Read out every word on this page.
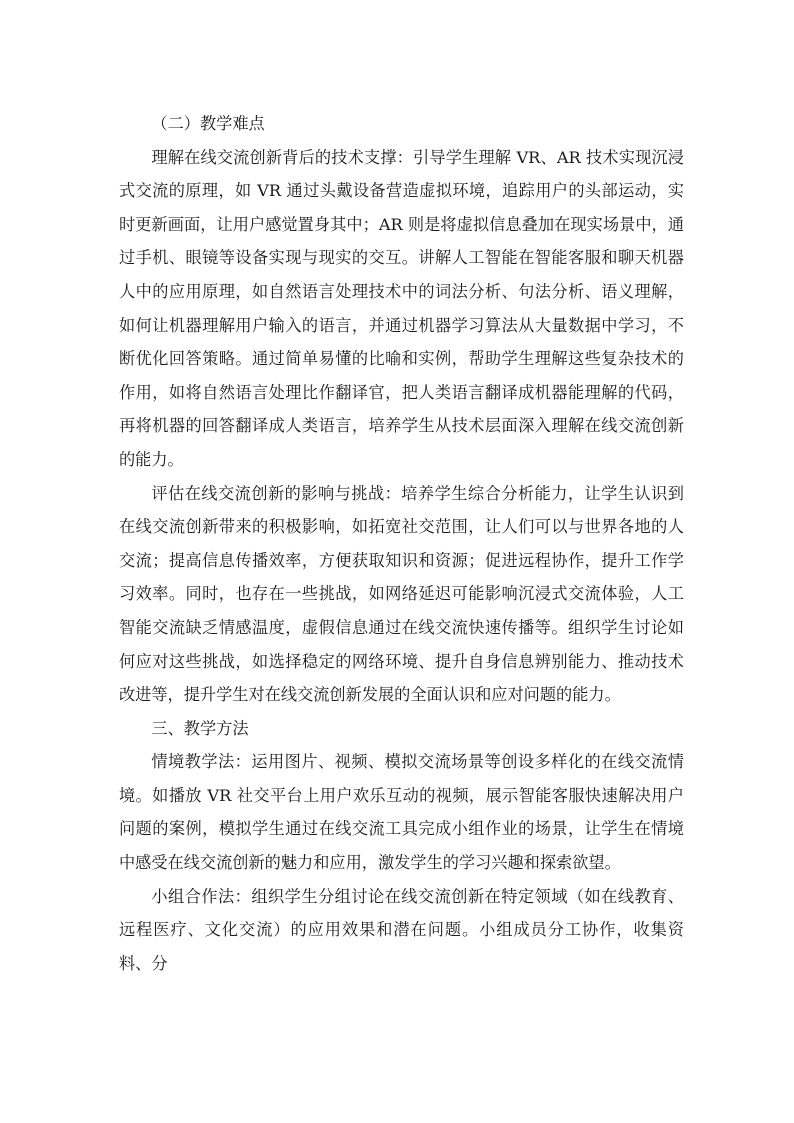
（二）教学难点

理解在线交流创新背后的技术支撑：引导学生理解 VR、AR 技术实现沉浸式交流的原理，如 VR 通过头戴设备营造虚拟环境，追踪用户的头部运动，实时更新画面，让用户感觉置身其中；AR 则是将虚拟信息叠加在现实场景中，通过手机、眼镜等设备实现与现实的交互。讲解人工智能在智能客服和聊天机器人中的应用原理，如自然语言处理技术中的词法分析、句法分析、语义理解，如何让机器理解用户输入的语言，并通过机器学习算法从大量数据中学习，不断优化回答策略。通过简单易懂的比喻和实例，帮助学生理解这些复杂技术的作用，如将自然语言处理比作翻译官，把人类语言翻译成机器能理解的代码，再将机器的回答翻译成人类语言，培养学生从技术层面深入理解在线交流创新的能力。

评估在线交流创新的影响与挑战：培养学生综合分析能力，让学生认识到在线交流创新带来的积极影响，如拓宽社交范围，让人们可以与世界各地的人交流；提高信息传播效率，方便获取知识和资源；促进远程协作，提升工作学习效率。同时，也存在一些挑战，如网络延迟可能影响沉浸式交流体验，人工智能交流缺乏情感温度，虚假信息通过在线交流快速传播等。组织学生讨论如何应对这些挑战，如选择稳定的网络环境、提升自身信息辨别能力、推动技术改进等，提升学生对在线交流创新发展的全面认识和应对问题的能力。

三、教学方法

情境教学法：运用图片、视频、模拟交流场景等创设多样化的在线交流情境。如播放 VR 社交平台上用户欢乐互动的视频，展示智能客服快速解决用户问题的案例，模拟学生通过在线交流工具完成小组作业的场景，让学生在情境中感受在线交流创新的魅力和应用，激发学生的学习兴趣和探索欲望。

小组合作法：组织学生分组讨论在线交流创新在特定领域（如在线教育、远程医疗、文化交流）的应用效果和潜在问题。小组成员分工协作，收集资料、分
